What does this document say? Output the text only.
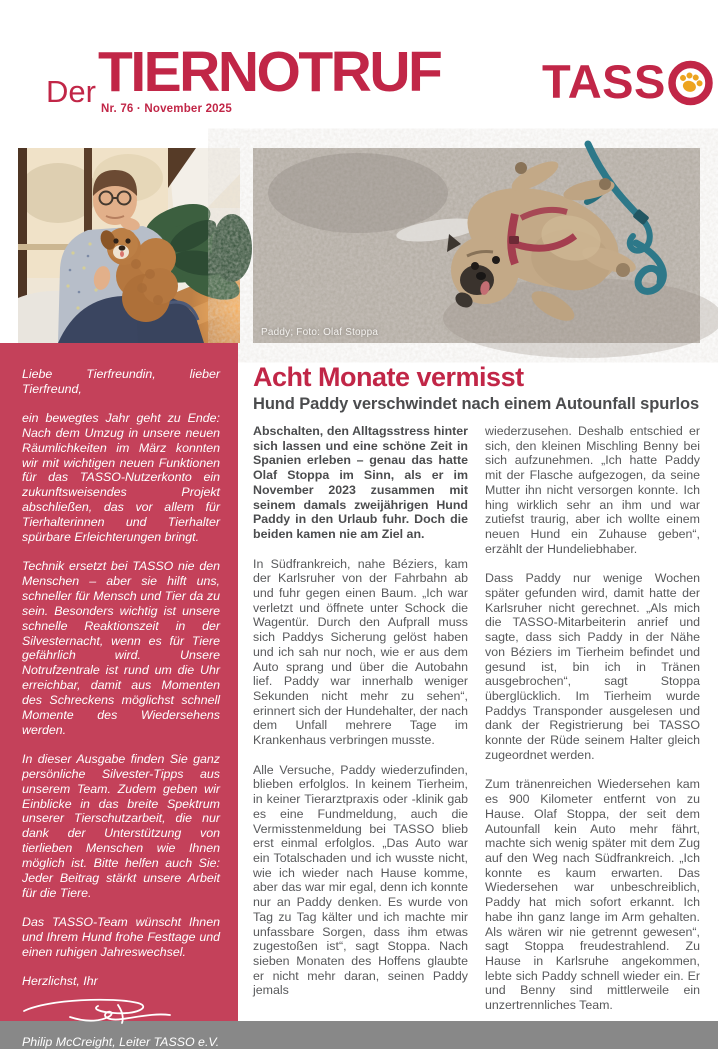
Der TIERNOTRUF
Nr. 76 · November 2025
TASS
Paddy; Foto: Olaf Stoppa

Liebe Tierfreundin, lieber Tierfreund,

ein bewegtes Jahr geht zu Ende: Nach dem Umzug in unsere neuen Räumlichkeiten im März konnten wir mit wichtigen neuen Funktionen für das TASSO-Nutzerkonto ein zukunftsweisendes Projekt abschließen, das vor allem für Tierhalterinnen und Tierhalter spürbare Erleichterungen bringt.

Technik ersetzt bei TASSO nie den Menschen – aber sie hilft uns, schneller für Mensch und Tier da zu sein. Besonders wichtig ist unsere schnelle Reaktionszeit in der Silvesternacht, wenn es für Tiere gefährlich wird. Unsere Notrufzentrale ist rund um die Uhr erreichbar, damit aus Momenten des Schreckens möglichst schnell Momente des Wiedersehens werden.

In dieser Ausgabe finden Sie ganz persönliche Silvester-Tipps aus unserem Team. Zudem geben wir Einblicke in das breite Spektrum unserer Tierschutzarbeit, die nur dank der Unterstützung von tierlieben Menschen wie Ihnen möglich ist. Bitte helfen auch Sie: Jeder Beitrag stärkt unsere Arbeit für die Tiere.

Das TASSO-Team wünscht Ihnen und Ihrem Hund frohe Festtage und einen ruhigen Jahreswechsel.

Herzlichst, Ihr

Philip McCreight, Leiter TASSO e.V.

Acht Monate vermisst
Hund Paddy verschwindet nach einem Autounfall spurlos

Abschalten, den Alltagsstress hinter sich lassen und eine schöne Zeit in Spanien erleben – genau das hatte Olaf Stoppa im Sinn, als er im November 2023 zusammen mit seinem damals zweijährigen Hund Paddy in den Urlaub fuhr. Doch die beiden kamen nie am Ziel an.

In Südfrankreich, nahe Béziers, kam der Karlsruher von der Fahrbahn ab und fuhr gegen einen Baum. „Ich war verletzt und öffnete unter Schock die Wagentür. Durch den Aufprall muss sich Paddys Sicherung gelöst haben und ich sah nur noch, wie er aus dem Auto sprang und über die Autobahn lief. Paddy war innerhalb weniger Sekunden nicht mehr zu sehen“, erinnert sich der Hundehalter, der nach dem Unfall mehrere Tage im Krankenhaus verbringen musste.

Alle Versuche, Paddy wiederzufinden, blieben erfolglos. In keinem Tierheim, in keiner Tierarztpraxis oder -klinik gab es eine Fundmeldung, auch die Vermisstenmeldung bei TASSO blieb erst einmal erfolglos. „Das Auto war ein Totalschaden und ich wusste nicht, wie ich wieder nach Hause komme, aber das war mir egal, denn ich konnte nur an Paddy denken. Es wurde von Tag zu Tag kälter und ich machte mir unfassbare Sorgen, dass ihm etwas zugestoßen ist“, sagt Stoppa. Nach sieben Monaten des Hoffens glaubte er nicht mehr daran, seinen Paddy jemals

wiederzusehen. Deshalb entschied er sich, den kleinen Mischling Benny bei sich aufzunehmen. „Ich hatte Paddy mit der Flasche aufgezogen, da seine Mutter ihn nicht versorgen konnte. Ich hing wirklich sehr an ihm und war zutiefst traurig, aber ich wollte einem neuen Hund ein Zuhause geben“, erzählt der Hundeliebhaber.

Dass Paddy nur wenige Wochen später gefunden wird, damit hatte der Karlsruher nicht gerechnet. „Als mich die TASSO-Mitarbeiterin anrief und sagte, dass sich Paddy in der Nähe von Béziers im Tierheim befindet und gesund ist, bin ich in Tränen ausgebrochen“, sagt Stoppa überglücklich. Im Tierheim wurde Paddys Transponder ausgelesen und dank der Registrierung bei TASSO konnte der Rüde seinem Halter gleich zugeordnet werden.

Zum tränenreichen Wiedersehen kam es 900 Kilometer entfernt von zu Hause. Olaf Stoppa, der seit dem Autounfall kein Auto mehr fährt, machte sich wenig später mit dem Zug auf den Weg nach Südfrankreich. „Ich konnte es kaum erwarten. Das Wiedersehen war unbeschreiblich, Paddy hat mich sofort erkannt. Ich habe ihn ganz lange im Arm gehalten. Als wären wir nie getrennt gewesen“, sagt Stoppa freudestrahlend. Zu Hause in Karlsruhe angekommen, lebte sich Paddy schnell wieder ein. Er und Benny sind mittlerweile ein unzertrennliches Team.
